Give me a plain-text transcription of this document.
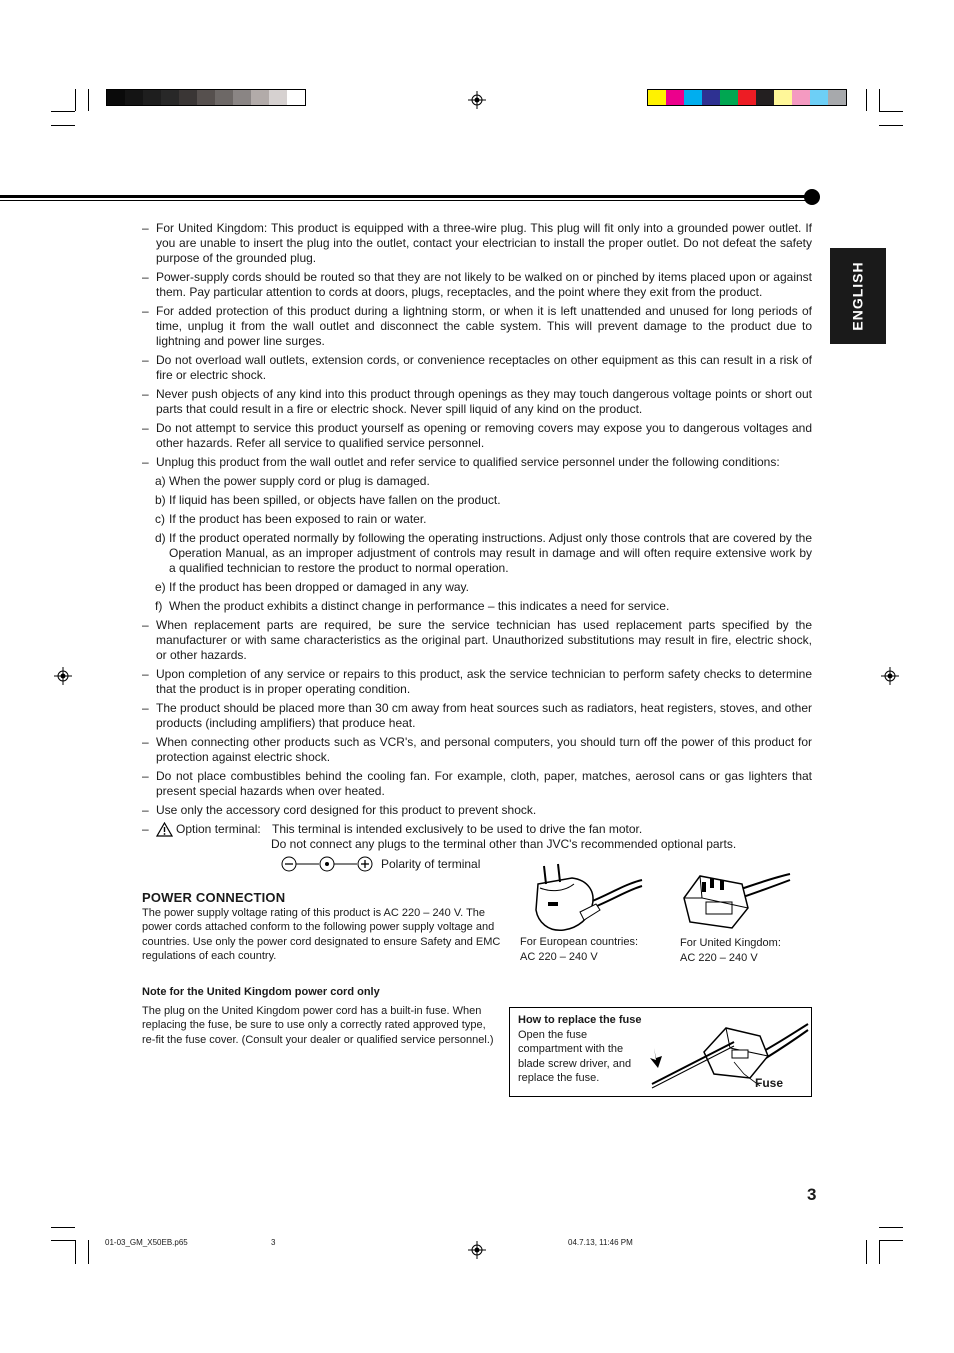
ENGLISH
– For United Kingdom: This product is equipped with a three-wire plug. This plug will fit only into a grounded power outlet. If you are unable to insert the plug into the outlet, contact your electrician to install the proper outlet. Do not defeat the safety purpose of the grounded plug.

– Power-supply cords should be routed so that they are not likely to be walked on or pinched by items placed upon or against them. Pay particular attention to cords at doors, plugs, receptacles, and the point where they exit from the product.

– For added protection of this product during a lightning storm, or when it is left unattended and unused for long periods of time, unplug it from the wall outlet and disconnect the cable system. This will prevent damage to the product due to lightning and power line surges.

– Do not overload wall outlets, extension cords, or convenience receptacles on other equipment as this can result in a risk of fire or electric shock.

– Never push objects of any kind into this product through openings as they may touch dangerous voltage points or short out parts that could result in a fire or electric shock. Never spill liquid of any kind on the product.

– Do not attempt to service this product yourself as opening or removing covers may expose you to dangerous voltages and other hazards. Refer all service to qualified service personnel.

– Unplug this product from the wall outlet and refer service to qualified service personnel under the following conditions:

a) When the power supply cord or plug is damaged.

b) If liquid has been spilled, or objects have fallen on the product.

c) If the product has been exposed to rain or water.

d) If the product operated normally by following the operating instructions. Adjust only those controls that are covered by the Operation Manual, as an improper adjustment of controls may result in damage and will often require extensive work by a qualified technician to restore the product to normal operation.

e) If the product has been dropped or damaged in any way.

f) When the product exhibits a distinct change in performance – this indicates a need for service.

– When replacement parts are required, be sure the service technician has used replacement parts specified by the manufacturer or with same characteristics as the original part. Unauthorized substitutions may result in fire, electric shock, or other hazards.

– Upon completion of any service or repairs to this product, ask the service technician to perform safety checks to determine that the product is in proper operating condition.

– The product should be placed more than 30 cm away from heat sources such as radiators, heat registers, stoves, and other products (including amplifiers) that produce heat.

– When connecting other products such as VCR's, and personal computers, you should turn off the power of this product for protection against electric shock.

– Do not place combustibles behind the cooling fan. For example, cloth, paper, matches, aerosol cans or gas lighters that present special hazards when over heated.

– Use only the accessory cord designed for this product to prevent shock.

– Option terminal: This terminal is intended exclusively to be used to drive the fan motor.
Do not connect any plugs to the terminal other than JVC's recommended optional parts.
Polarity of terminal
POWER CONNECTION
The power supply voltage rating of this product is AC 220 – 240 V. The power cords attached conform to the following power supply voltage and countries. Use only the power cord designated to ensure Safety and EMC regulations of each country.
For European countries:
AC 220 – 240 V
For United Kingdom:
AC 220 – 240 V
Note for the United Kingdom power cord only
The plug on the United Kingdom power cord has a built-in fuse. When replacing the fuse, be sure to use only a correctly rated approved type, re-fit the fuse cover. (Consult your dealer or qualified service personnel.)
How to replace the fuse
Open the fuse compartment with the blade screw driver, and replace the fuse.	Fuse
3
01-03_GM_X50EB.p65	3	04.7.13, 11:46 PM
